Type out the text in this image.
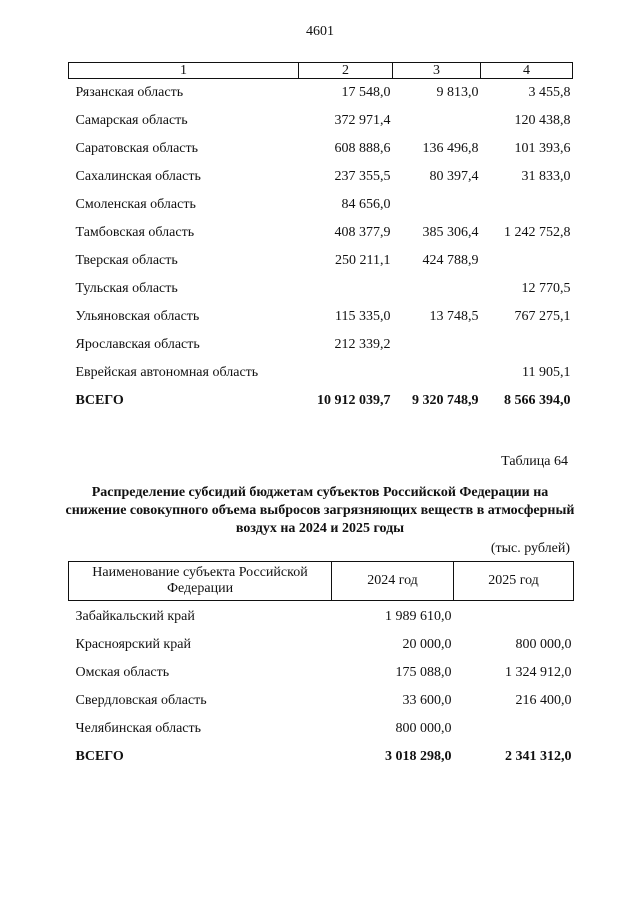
4601
1	2	3	4
Рязанская область	17 548,0	9 813,0	3 455,8
Самарская область	372 971,4		120 438,8
Саратовская область	608 888,6	136 496,8	101 393,6
Сахалинская область	237 355,5	80 397,4	31 833,0
Смоленская область	84 656,0		
Тамбовская область	408 377,9	385 306,4	1 242 752,8
Тверская область	250 211,1	424 788,9	
Тульская область			12 770,5
Ульяновская область	115 335,0	13 748,5	767 275,1
Ярославская область	212 339,2		
Еврейская автономная область			11 905,1
ВСЕГО	10 912 039,7	9 320 748,9	8 566 394,0
Таблица 64
Распределение субсидий бюджетам субъектов Российской Федерации на снижение совокупного объема выбросов загрязняющих веществ в атмосферный воздух на 2024 и 2025 годы
(тыс. рублей)
Наименование субъекта Российской Федерации	2024 год	2025 год
Забайкальский край	1 989 610,0	
Красноярский край	20 000,0	800 000,0
Омская область	175 088,0	1 324 912,0
Свердловская область	33 600,0	216 400,0
Челябинская область	800 000,0	
ВСЕГО	3 018 298,0	2 341 312,0
